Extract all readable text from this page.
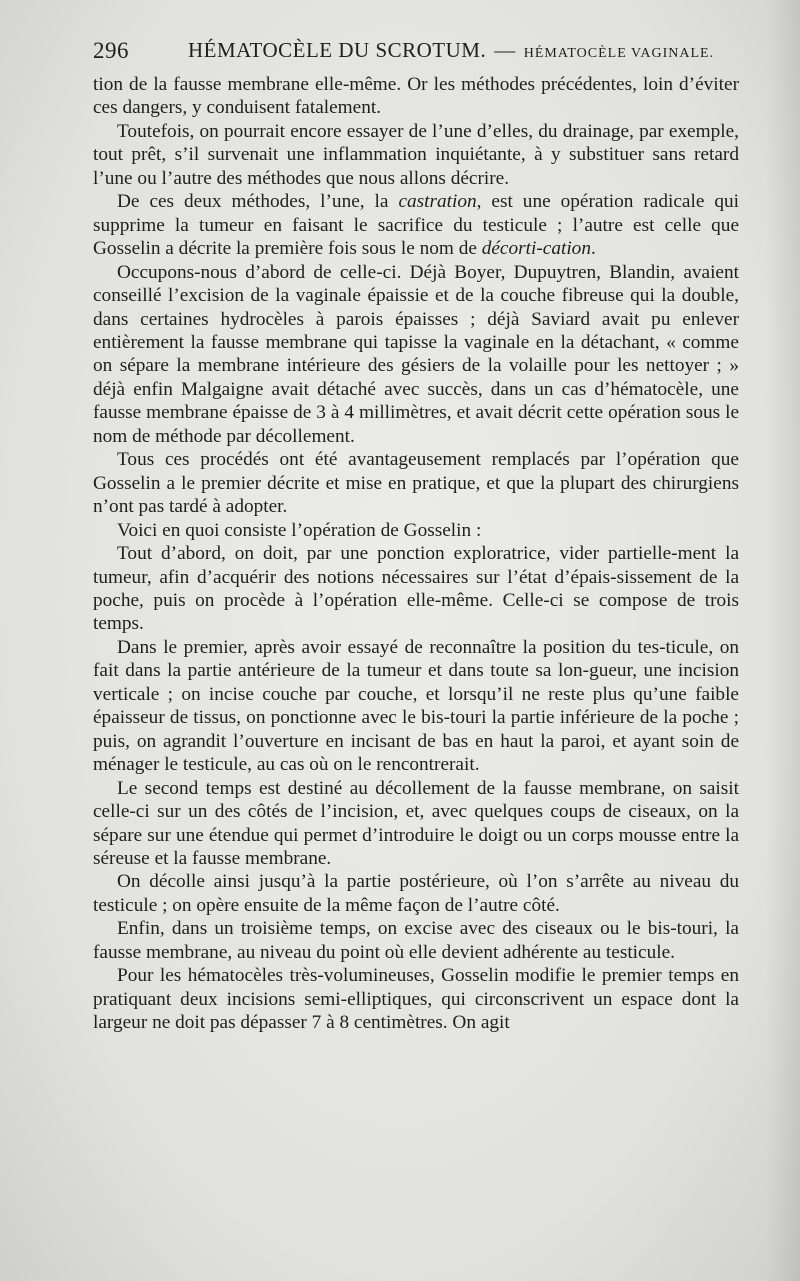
296	HÉMATOCÈLE DU SCROTUM. — HÉMATOCÈLE VAGINALE.

tion de la fausse membrane elle-même. Or les méthodes précédentes, loin d’éviter ces dangers, y conduisent fatalement.

Toutefois, on pourrait encore essayer de l’une d’elles, du drainage, par exemple, tout prêt, s’il survenait une inflammation inquiétante, à y substituer sans retard l’une ou l’autre des méthodes que nous allons décrire.

De ces deux méthodes, l’une, la castration, est une opération radicale qui supprime la tumeur en faisant le sacrifice du testicule ; l’autre est celle que Gosselin a décrite la première fois sous le nom de décorti-cation.

Occupons-nous d’abord de celle-ci. Déjà Boyer, Dupuytren, Blandin, avaient conseillé l’excision de la vaginale épaissie et de la couche fibreuse qui la double, dans certaines hydrocèles à parois épaisses ; déjà Saviard avait pu enlever entièrement la fausse membrane qui tapisse la vaginale en la détachant, « comme on sépare la membrane intérieure des gésiers de la volaille pour les nettoyer ; » déjà enfin Malgaigne avait détaché avec succès, dans un cas d’hématocèle, une fausse membrane épaisse de 3 à 4 millimètres, et avait décrit cette opération sous le nom de méthode par décollement.

Tous ces procédés ont été avantageusement remplacés par l’opération que Gosselin a le premier décrite et mise en pratique, et que la plupart des chirurgiens n’ont pas tardé à adopter.

Voici en quoi consiste l’opération de Gosselin :

Tout d’abord, on doit, par une ponction exploratrice, vider partielle-ment la tumeur, afin d’acquérir des notions nécessaires sur l’état d’épais-sissement de la poche, puis on procède à l’opération elle-même. Celle-ci se compose de trois temps.

Dans le premier, après avoir essayé de reconnaître la position du tes-ticule, on fait dans la partie antérieure de la tumeur et dans toute sa lon-gueur, une incision verticale ; on incise couche par couche, et lorsqu’il ne reste plus qu’une faible épaisseur de tissus, on ponctionne avec le bis-touri la partie inférieure de la poche ; puis, on agrandit l’ouverture en incisant de bas en haut la paroi, et ayant soin de ménager le testicule, au cas où on le rencontrerait.

Le second temps est destiné au décollement de la fausse membrane, on saisit celle-ci sur un des côtés de l’incision, et, avec quelques coups de ciseaux, on la sépare sur une étendue qui permet d’introduire le doigt ou un corps mousse entre la séreuse et la fausse membrane.

On décolle ainsi jusqu’à la partie postérieure, où l’on s’arrête au niveau du testicule ; on opère ensuite de la même façon de l’autre côté.

Enfin, dans un troisième temps, on excise avec des ciseaux ou le bis-touri, la fausse membrane, au niveau du point où elle devient adhérente au testicule.

Pour les hématocèles très-volumineuses, Gosselin modifie le premier temps en pratiquant deux incisions semi-elliptiques, qui circonscrivent un espace dont la largeur ne doit pas dépasser 7 à 8 centimètres. On agit
